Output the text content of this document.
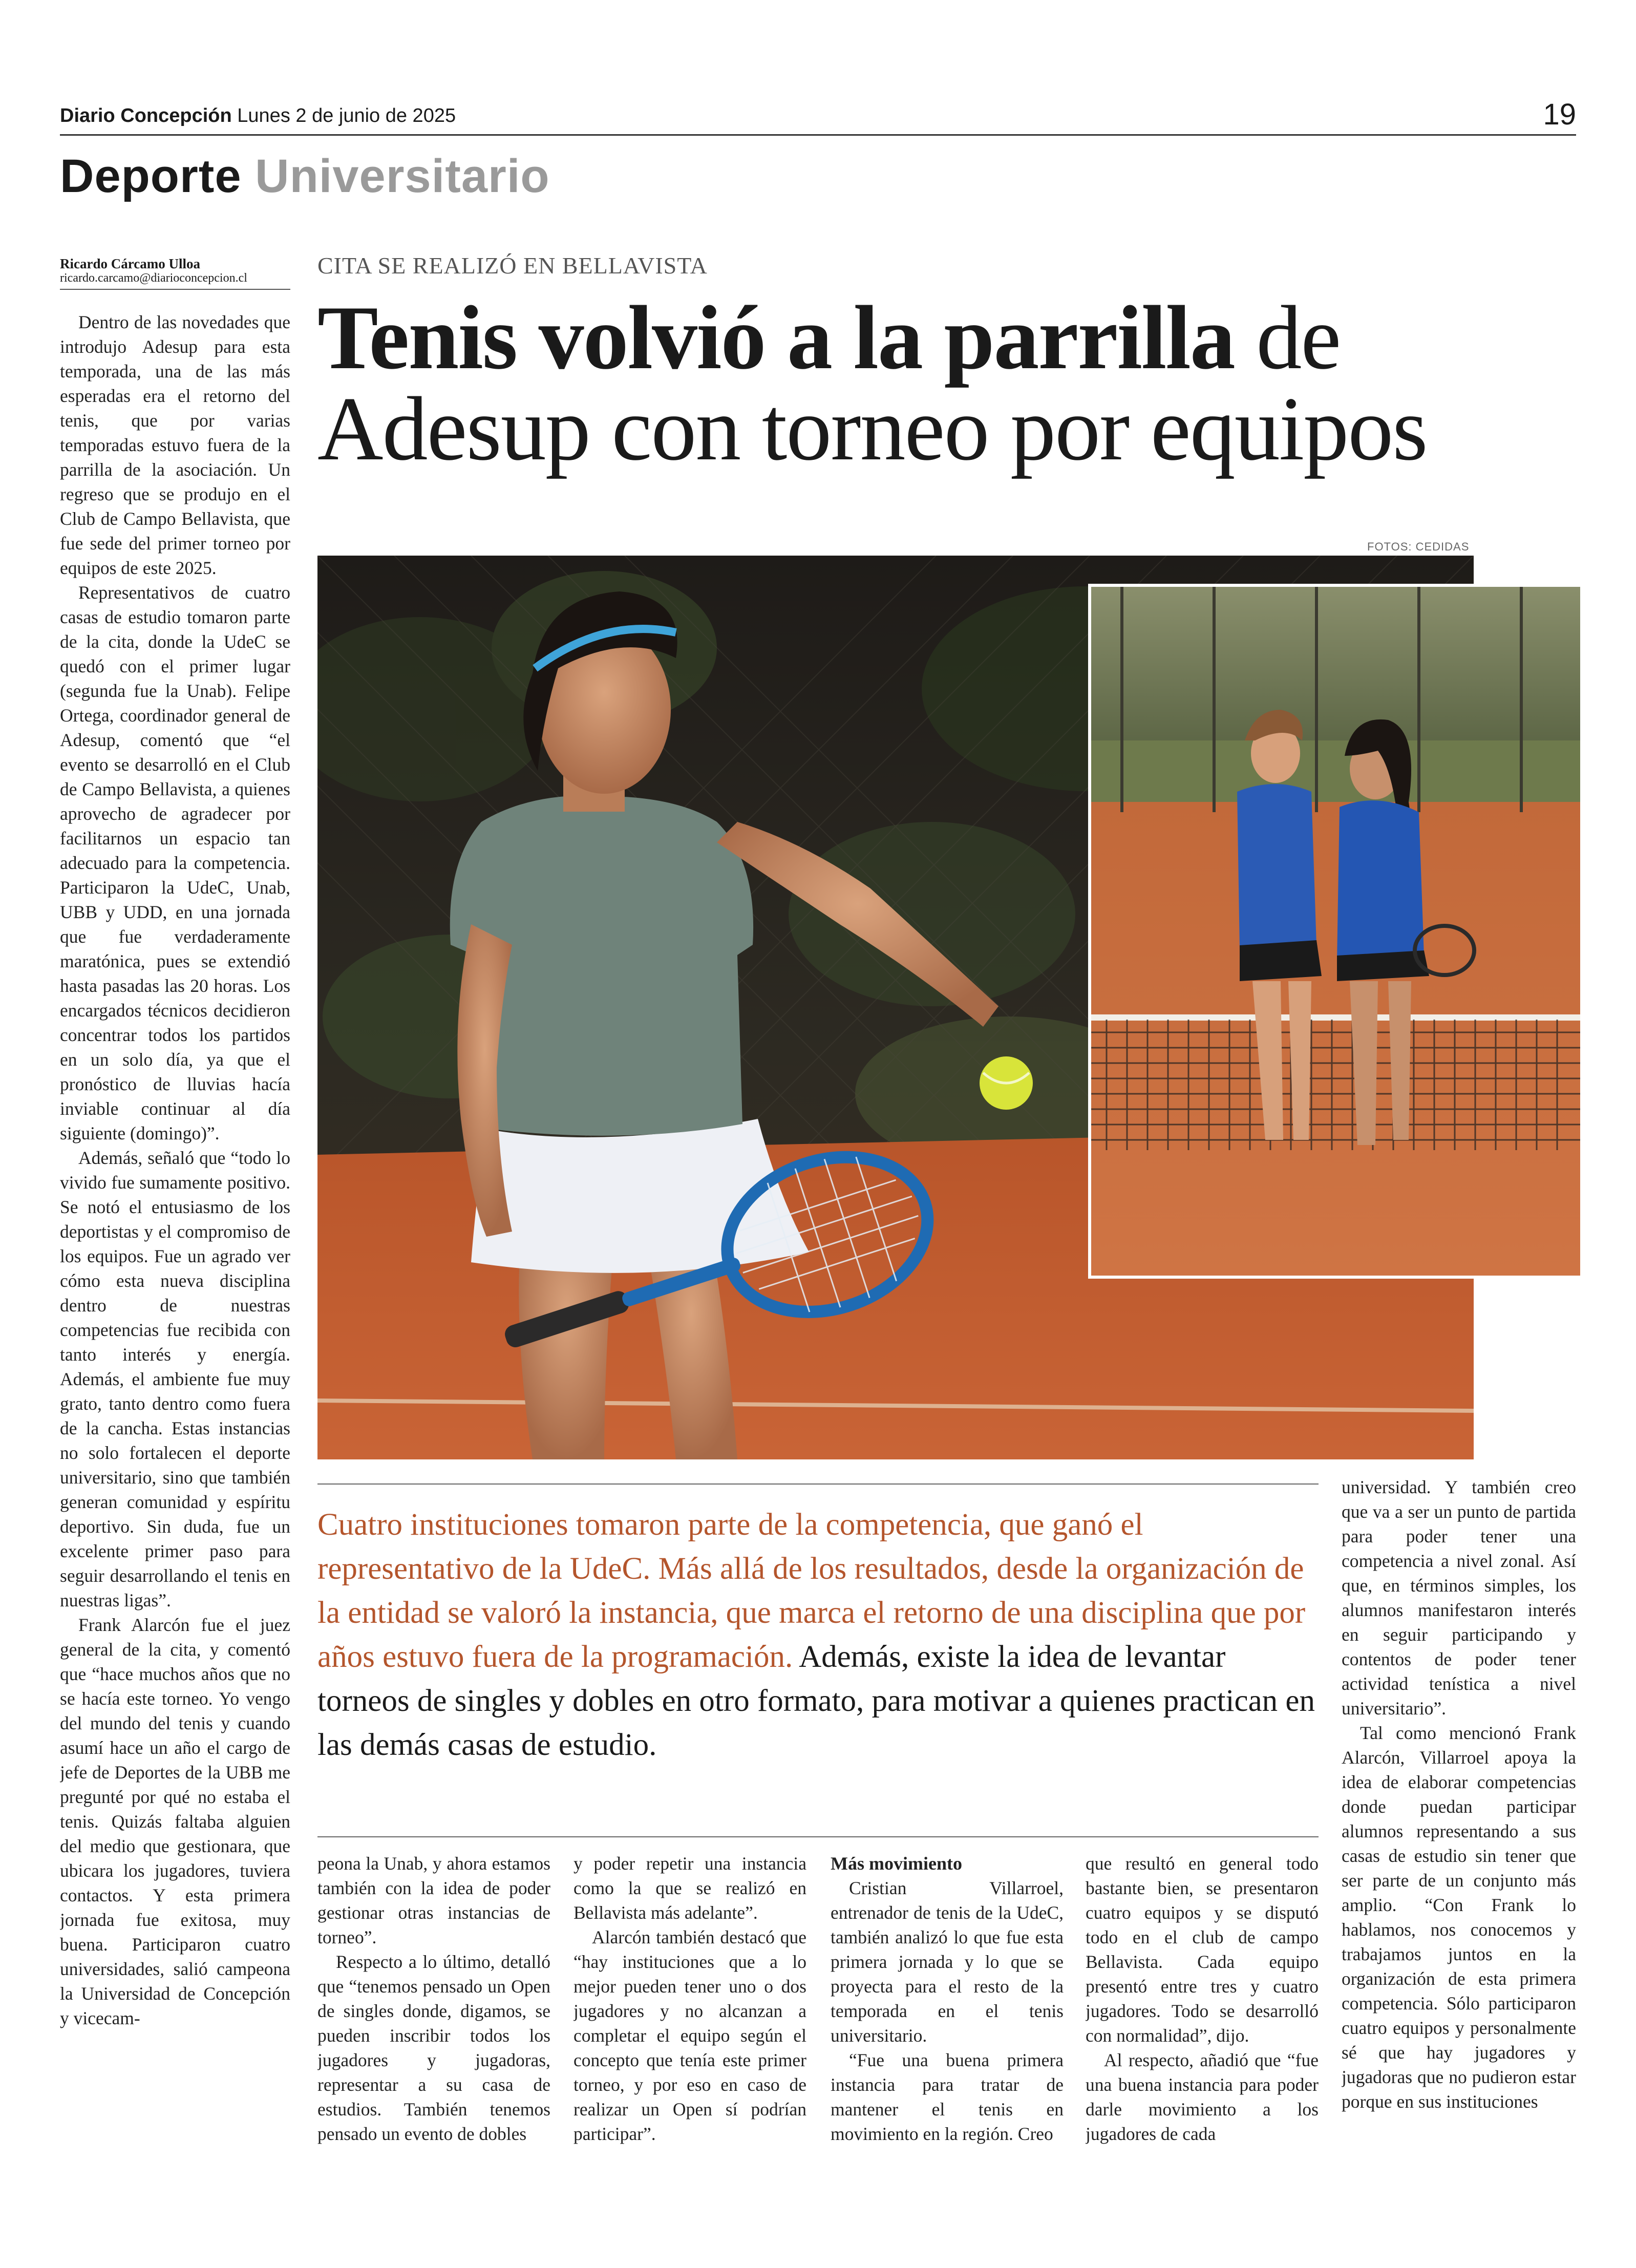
Diario Concepción Lunes 2 de junio de 2025	19
Deporte Universitario
Ricardo Cárcamo Ulloa
ricardo.carcamo@diarioconcepcion.cl	CITA SE REALIZÓ EN BELLAVISTA
Tenis volvió a la parrilla de
Adesup con torneo por equipos
FOTOS: CEDIDAS
Cuatro instituciones tomaron parte de la competencia, que ganó el representativo de la UdeC. Más allá de los resultados, desde la organización de la entidad se valoró la instancia, que marca el retorno de una disciplina que por años estuvo fuera de la programación. Además, existe la idea de levantar torneos de singles y dobles en otro formato, para motivar a quienes practican en las demás casas de estudio.

Dentro de las novedades que introdujo Adesup para esta temporada, una de las más esperadas era el retorno del tenis, que por varias temporadas estuvo fuera de la parrilla de la asociación. Un regreso que se produjo en el Club de Campo Bellavista, que fue sede del primer torneo por equipos de este 2025.

Representativos de cuatro casas de estudio tomaron parte de la cita, donde la UdeC se quedó con el primer lugar (segunda fue la Unab). Felipe Ortega, coordinador general de Adesup, comentó que “el evento se desarrolló en el Club de Campo Bellavista, a quienes aprovecho de agradecer por facilitarnos un espacio tan adecuado para la competencia. Participaron la UdeC, Unab, UBB y UDD, en una jornada que fue verdaderamente maratónica, pues se extendió hasta pasadas las 20 horas. Los encargados técnicos decidieron concentrar todos los partidos en un solo día, ya que el pronóstico de lluvias hacía inviable continuar al día siguiente (domingo)”.

Además, señaló que “todo lo vivido fue sumamente positivo. Se notó el entusiasmo de los deportistas y el compromiso de los equipos. Fue un agrado ver cómo esta nueva disciplina dentro de nuestras competencias fue recibida con tanto interés y energía. Además, el ambiente fue muy grato, tanto dentro como fuera de la cancha. Estas instancias no solo fortalecen el deporte universitario, sino que también generan comunidad y espíritu deportivo. Sin duda, fue un excelente primer paso para seguir desarrollando el tenis en nuestras ligas”.

Frank Alarcón fue el juez general de la cita, y comentó que “hace muchos años que no se hacía este torneo. Yo vengo del mundo del tenis y cuando asumí hace un año el cargo de jefe de Deportes de la UBB me pregunté por qué no estaba el tenis. Quizás faltaba alguien del medio que gestionara, que ubicara los jugadores, tuviera contactos. Y esta primera jornada fue exitosa, muy buena. Participaron cuatro universidades, salió campeona la Universidad de Concepción y vicecam-

peona la Unab, y ahora estamos también con la idea de poder gestionar otras instancias de torneo”.

Respecto a lo último, detalló que “tenemos pensado un Open de singles donde, digamos, se pueden inscribir todos los jugadores y jugadoras, representar a su casa de estudios. También tenemos pensado un evento de dobles

y poder repetir una instancia como la que se realizó en Bellavista más adelante”.

Alarcón también destacó que “hay instituciones que a lo mejor pueden tener uno o dos jugadores y no alcanzan a completar el equipo según el concepto que tenía este primer torneo, y por eso en caso de realizar un Open sí podrían participar”.

Más movimiento

Cristian Villarroel, entrenador de tenis de la UdeC, también analizó lo que fue esta primera jornada y lo que se proyecta para el resto de la temporada en el tenis universitario.

“Fue una buena primera instancia para tratar de mantener el tenis en movimiento en la región. Creo

que resultó en general todo bastante bien, se presentaron cuatro equipos y se disputó todo en el club de campo Bellavista. Cada equipo presentó entre tres y cuatro jugadores. Todo se desarrolló con normalidad”, dijo.

Al respecto, añadió que “fue una buena instancia para poder darle movimiento a los jugadores de cada

universidad. Y también creo que va a ser un punto de partida para poder tener una competencia a nivel zonal. Así que, en términos simples, los alumnos manifestaron interés en seguir participando y contentos de poder tener actividad tenística a nivel universitario”.

Tal como mencionó Frank Alarcón, Villarroel apoya la idea de elaborar competencias donde puedan participar alumnos representando a sus casas de estudio sin tener que ser parte de un conjunto más amplio. “Con Frank lo hablamos, nos conocemos y trabajamos juntos en la organización de esta primera competencia. Sólo participaron cuatro equipos y personalmente sé que hay jugadores y jugadoras que no pudieron estar porque en sus instituciones
